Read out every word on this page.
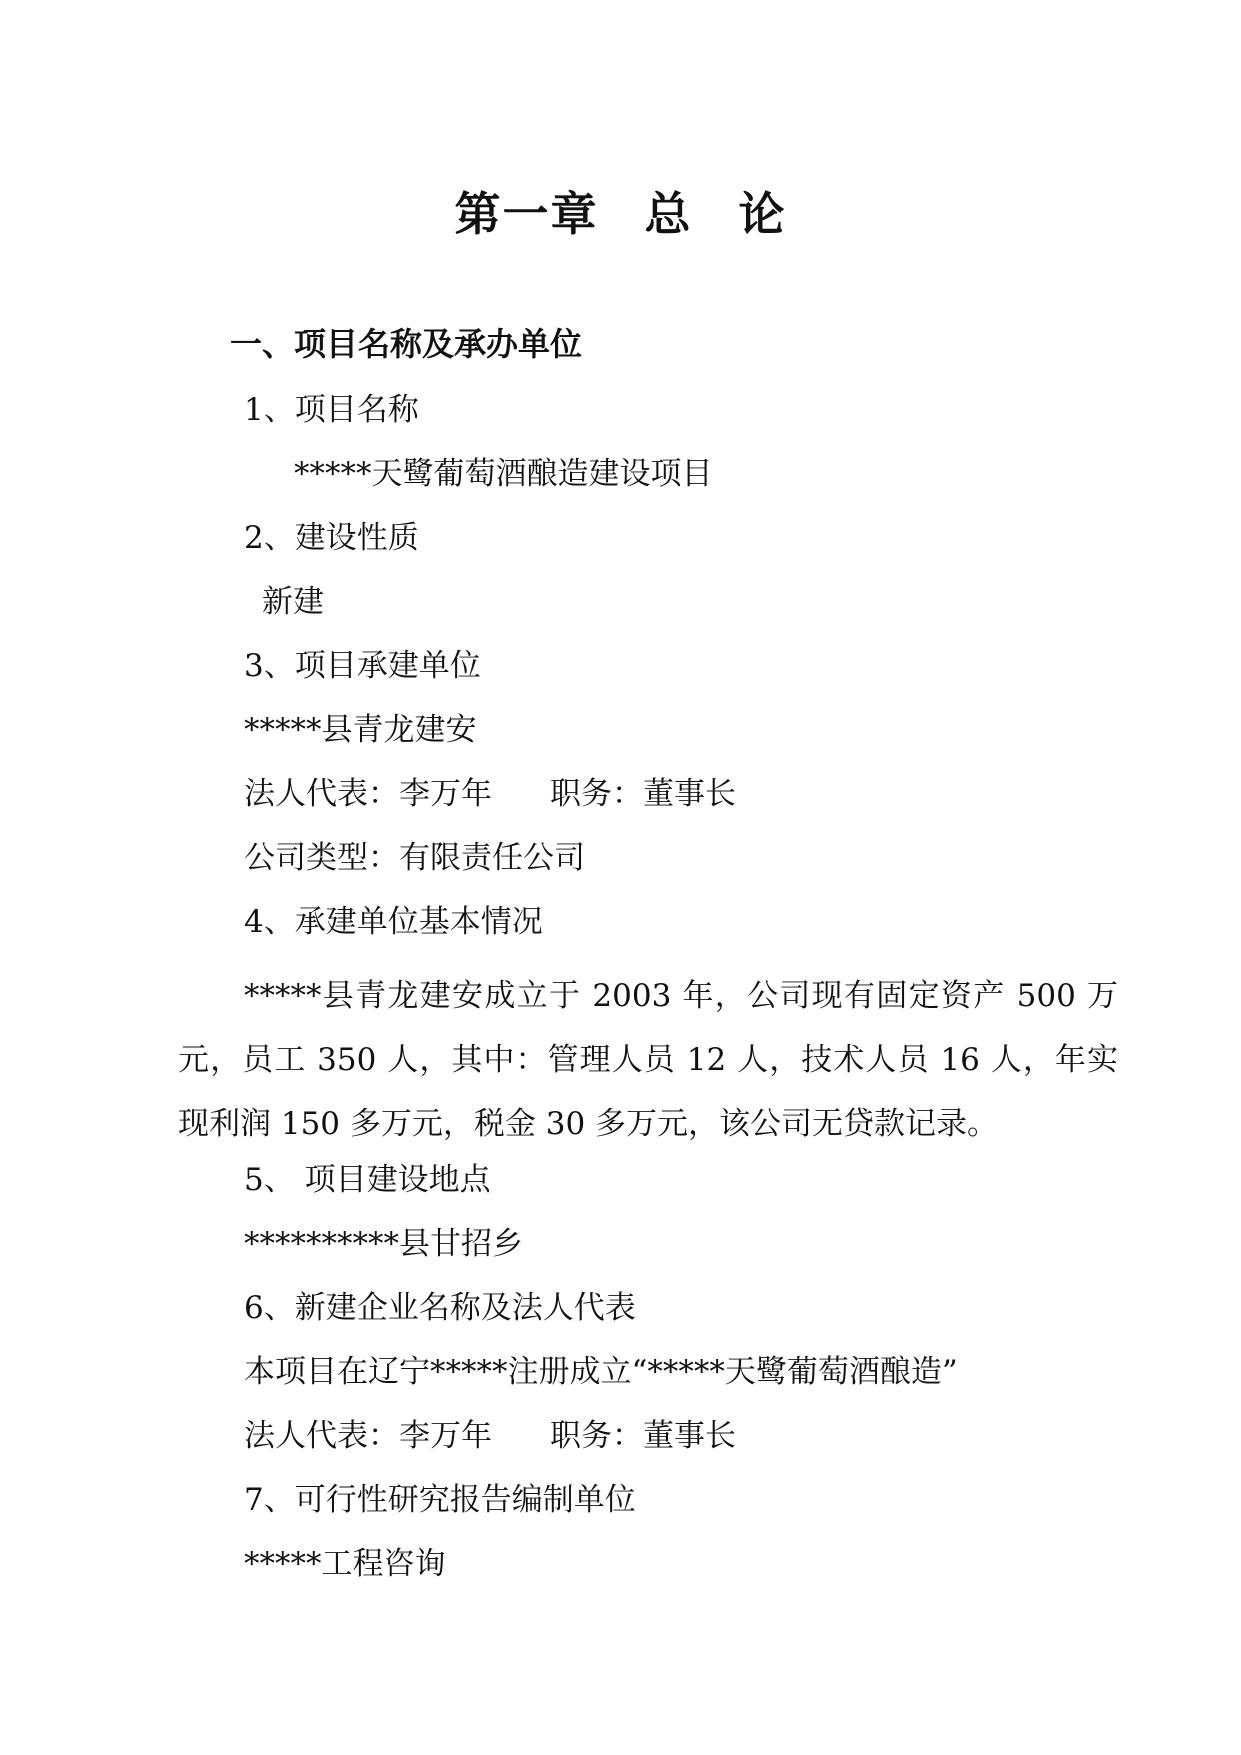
第一章 总 论
一、项目名称及承办单位
1、项目名称
*****天鹭葡萄酒酿造建设项目
2、建设性质
新建
3、项目承建单位
*****县青龙建安
法人代表：李万年 职务：董事长
公司类型：有限责任公司
4、承建单位基本情况
*****县青龙建安成立于 2003 年，公司现有固定资产 500 万元，员工 350 人，其中：管理人员 12 人，技术人员 16 人，年实现利润 150 多万元，税金 30 多万元，该公司无贷款记录。
5、 项目建设地点
**********县甘招乡
6、新建企业名称及法人代表
本项目在辽宁*****注册成立“*****天鹭葡萄酒酿造”
法人代表：李万年 职务：董事长
7、可行性研究报告编制单位
*****工程咨询
